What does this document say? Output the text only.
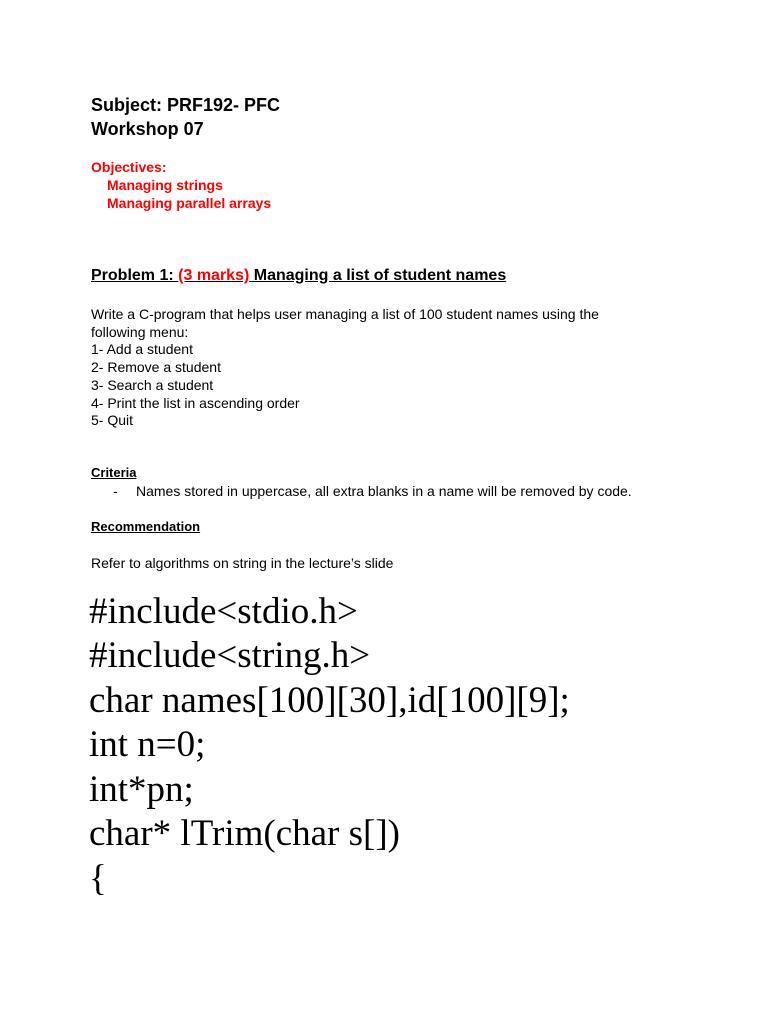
Subject: PRF192- PFC
Workshop 07
Objectives:
Managing strings
Managing parallel arrays
Problem 1: (3 marks) Managing a list of student names
Write a C-program that helps user managing a list of 100 student names using the
following menu:
1- Add a student
2- Remove a student
3- Search a student
4- Print the list in ascending order
5- Quit
Criteria
- Names stored in uppercase, all extra blanks in a name will be removed by code.
Recommendation
Refer to algorithms on string in the lecture’s slide
#include<stdio.h>
#include<string.h>
char names[100][30],id[100][9];
int n=0;
int*pn;
char* lTrim(char s[])
{
